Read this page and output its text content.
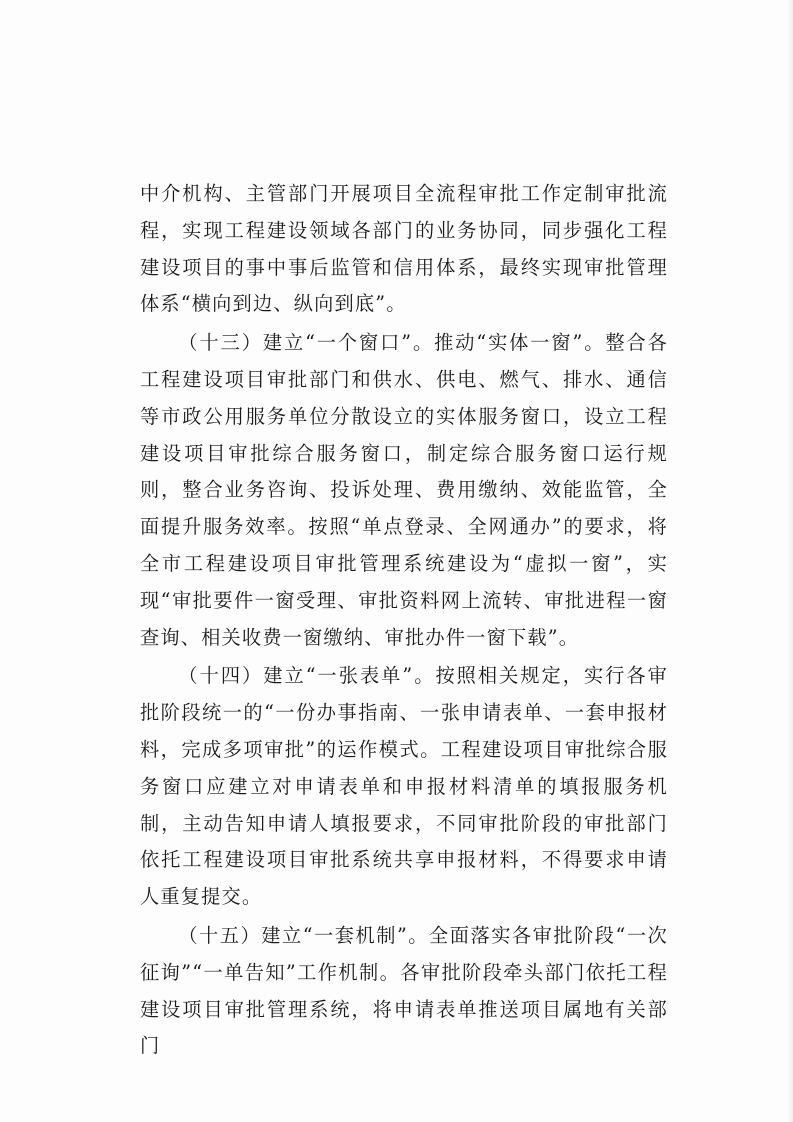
中介机构、主管部门开展项目全流程审批工作定制审批流程，实现工程建设领域各部门的业务协同，同步强化工程建设项目的事中事后监管和信用体系，最终实现审批管理体系“横向到边、纵向到底”。

（十三）建立“一个窗口”。推动“实体一窗”。整合各工程建设项目审批部门和供水、供电、燃气、排水、通信等市政公用服务单位分散设立的实体服务窗口，设立工程建设项目审批综合服务窗口，制定综合服务窗口运行规则，整合业务咨询、投诉处理、费用缴纳、效能监管，全面提升服务效率。按照“单点登录、全网通办”的要求，将全市工程建设项目审批管理系统建设为“虚拟一窗”，实现“审批要件一窗受理、审批资料网上流转、审批进程一窗查询、相关收费一窗缴纳、审批办件一窗下载”。

（十四）建立“一张表单”。按照相关规定，实行各审批阶段统一的“一份办事指南、一张申请表单、一套申报材料，完成多项审批”的运作模式。工程建设项目审批综合服务窗口应建立对申请表单和申报材料清单的填报服务机制，主动告知申请人填报要求，不同审批阶段的审批部门依托工程建设项目审批系统共享申报材料，不得要求申请人重复提交。

（十五）建立“一套机制”。全面落实各审批阶段“一次征询”“一单告知”工作机制。各审批阶段牵头部门依托工程建设项目审批管理系统，将申请表单推送项目属地有关部门
